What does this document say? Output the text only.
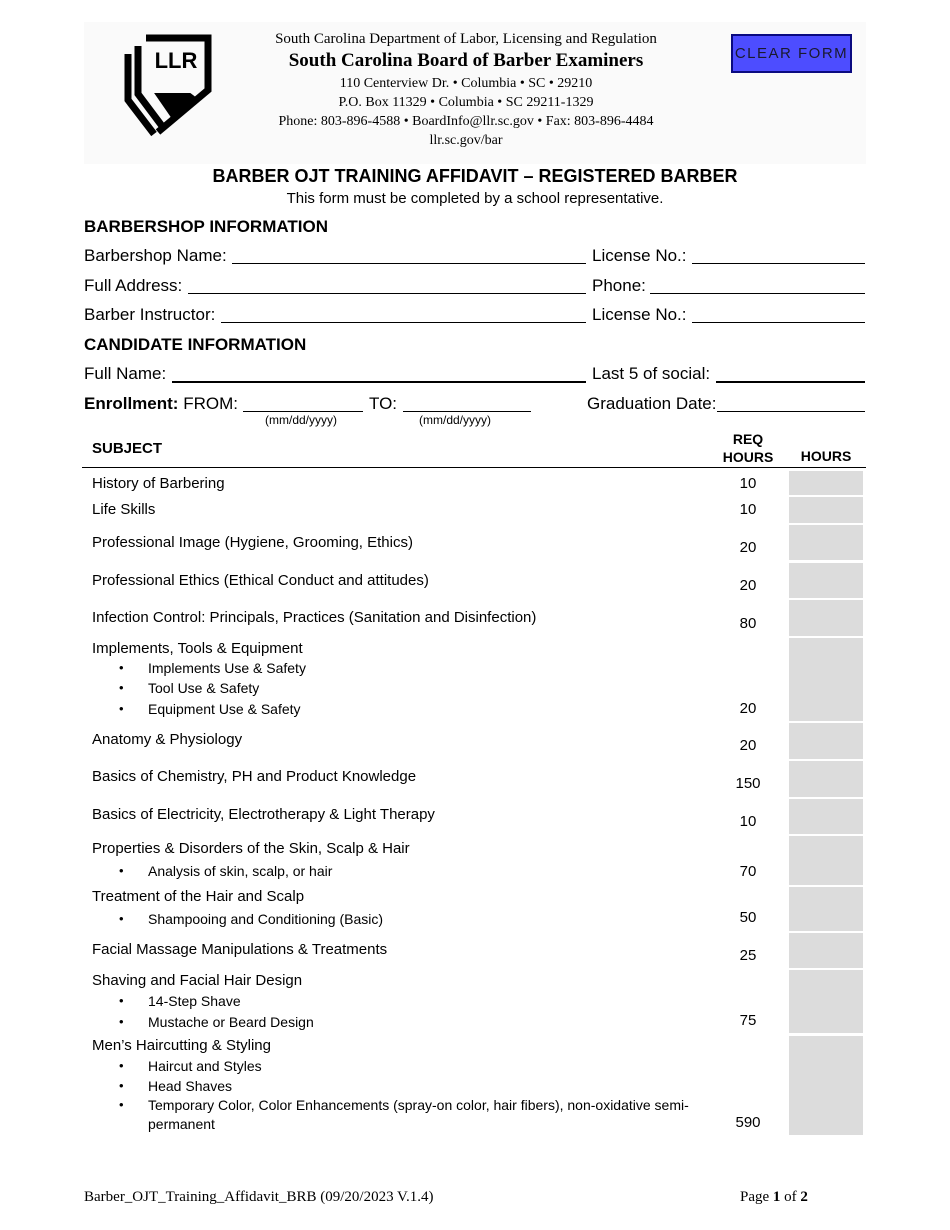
LLR
South Carolina Department of Labor, Licensing and Regulation
South Carolina Board of Barber Examiners
110 Centerview Dr. • Columbia • SC • 29210
P.O. Box 11329 • Columbia • SC 29211-1329
Phone: 803-896-4588 • BoardInfo@llr.sc.gov • Fax: 803-896-4484
llr.sc.gov/bar
CLEAR FORM
BARBER OJT TRAINING AFFIDAVIT – REGISTERED BARBER
This form must be completed by a school representative.
BARBERSHOP INFORMATION
Barbershop Name:	License No.:
Full Address:	Phone:
Barber Instructor:	License No.:
CANDIDATE INFORMATION
Full Name:	Last 5 of social:
Enrollment: FROM:	TO:
(mm/dd/yyyy)	(mm/dd/yyyy)
Graduation Date:
SUBJECT
REQ
HOURS	HOURS
History of Barbering	10
Life Skills	10
Professional Image (Hygiene, Grooming, Ethics)	20
Professional Ethics (Ethical Conduct and attitudes)	20
Infection Control: Principals, Practices (Sanitation and Disinfection)	80
Implements, Tools & Equipment
• Implements Use & Safety
• Tool Use & Safety
• Equipment Use & Safety	20
Anatomy & Physiology	20
Basics of Chemistry, PH and Product Knowledge	150
Basics of Electricity, Electrotherapy & Light Therapy	10
Properties & Disorders of the Skin, Scalp & Hair
• Analysis of skin, scalp, or hair	70
Treatment of the Hair and Scalp
• Shampooing and Conditioning (Basic)	50
Facial Massage Manipulations & Treatments	25
Shaving and Facial Hair Design
• 14-Step Shave
• Mustache or Beard Design	75
Men’s Haircutting & Styling
• Haircut and Styles
• Head Shaves
• Temporary Color, Color Enhancements (spray-on color, hair fibers), non-oxidative semi-
permanent	590
Barber_OJT_Training_Affidavit_BRB (09/20/2023 V.1.4)	Page 1 of 2
